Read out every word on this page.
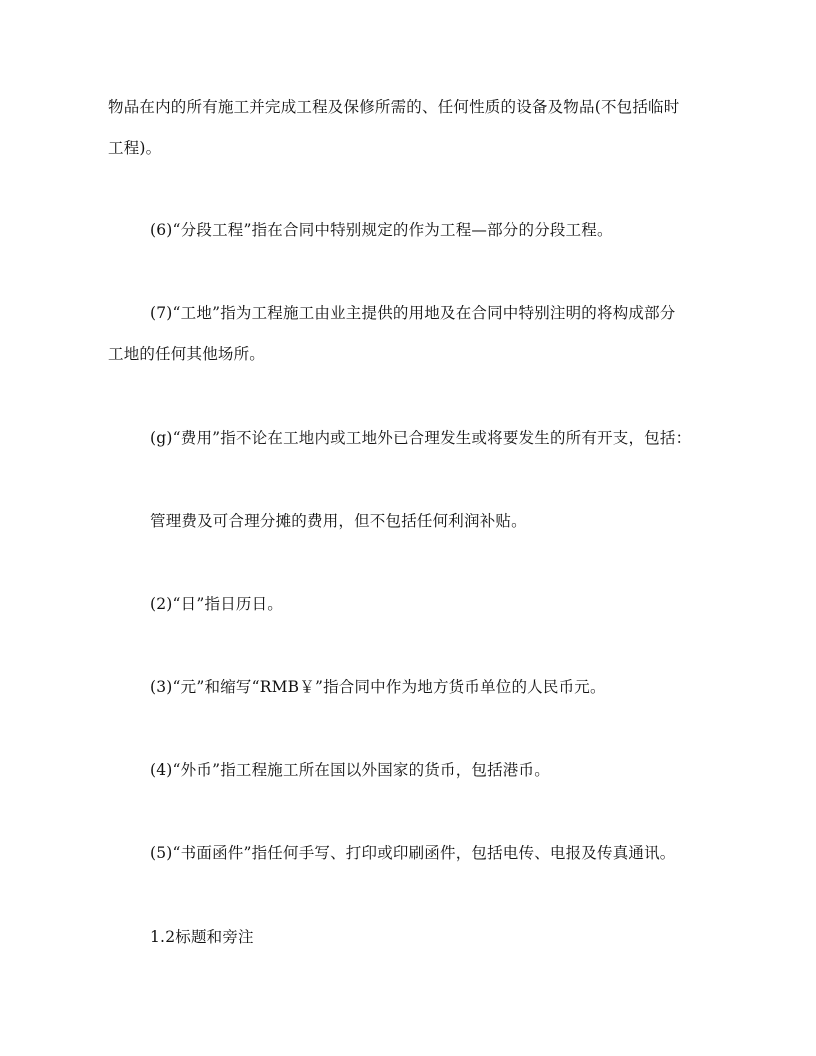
物品在内的所有施工并完成工程及保修所需的、任何性质的设备及物品(不包括临时
工程)。
(6)“分段工程”指在合同中特别规定的作为工程—部分的分段工程。
(7)“工地”指为工程施工由业主提供的用地及在合同中特别注明的将构成部分
工地的任何其他场所。
(g)“费用”指不论在工地内或工地外已合理发生或将要发生的所有开支，包括：
管理费及可合理分摊的费用，但不包括任何利润补贴。
(2)“日”指日历日。
(3)“元”和缩写“RMB￥”指合同中作为地方货币单位的人民币元。
(4)“外币”指工程施工所在国以外国家的货币，包括港币。
(5)“书面函件”指任何手写、打印或印刷函件，包括电传、电报及传真通讯。
1.2标题和旁注
